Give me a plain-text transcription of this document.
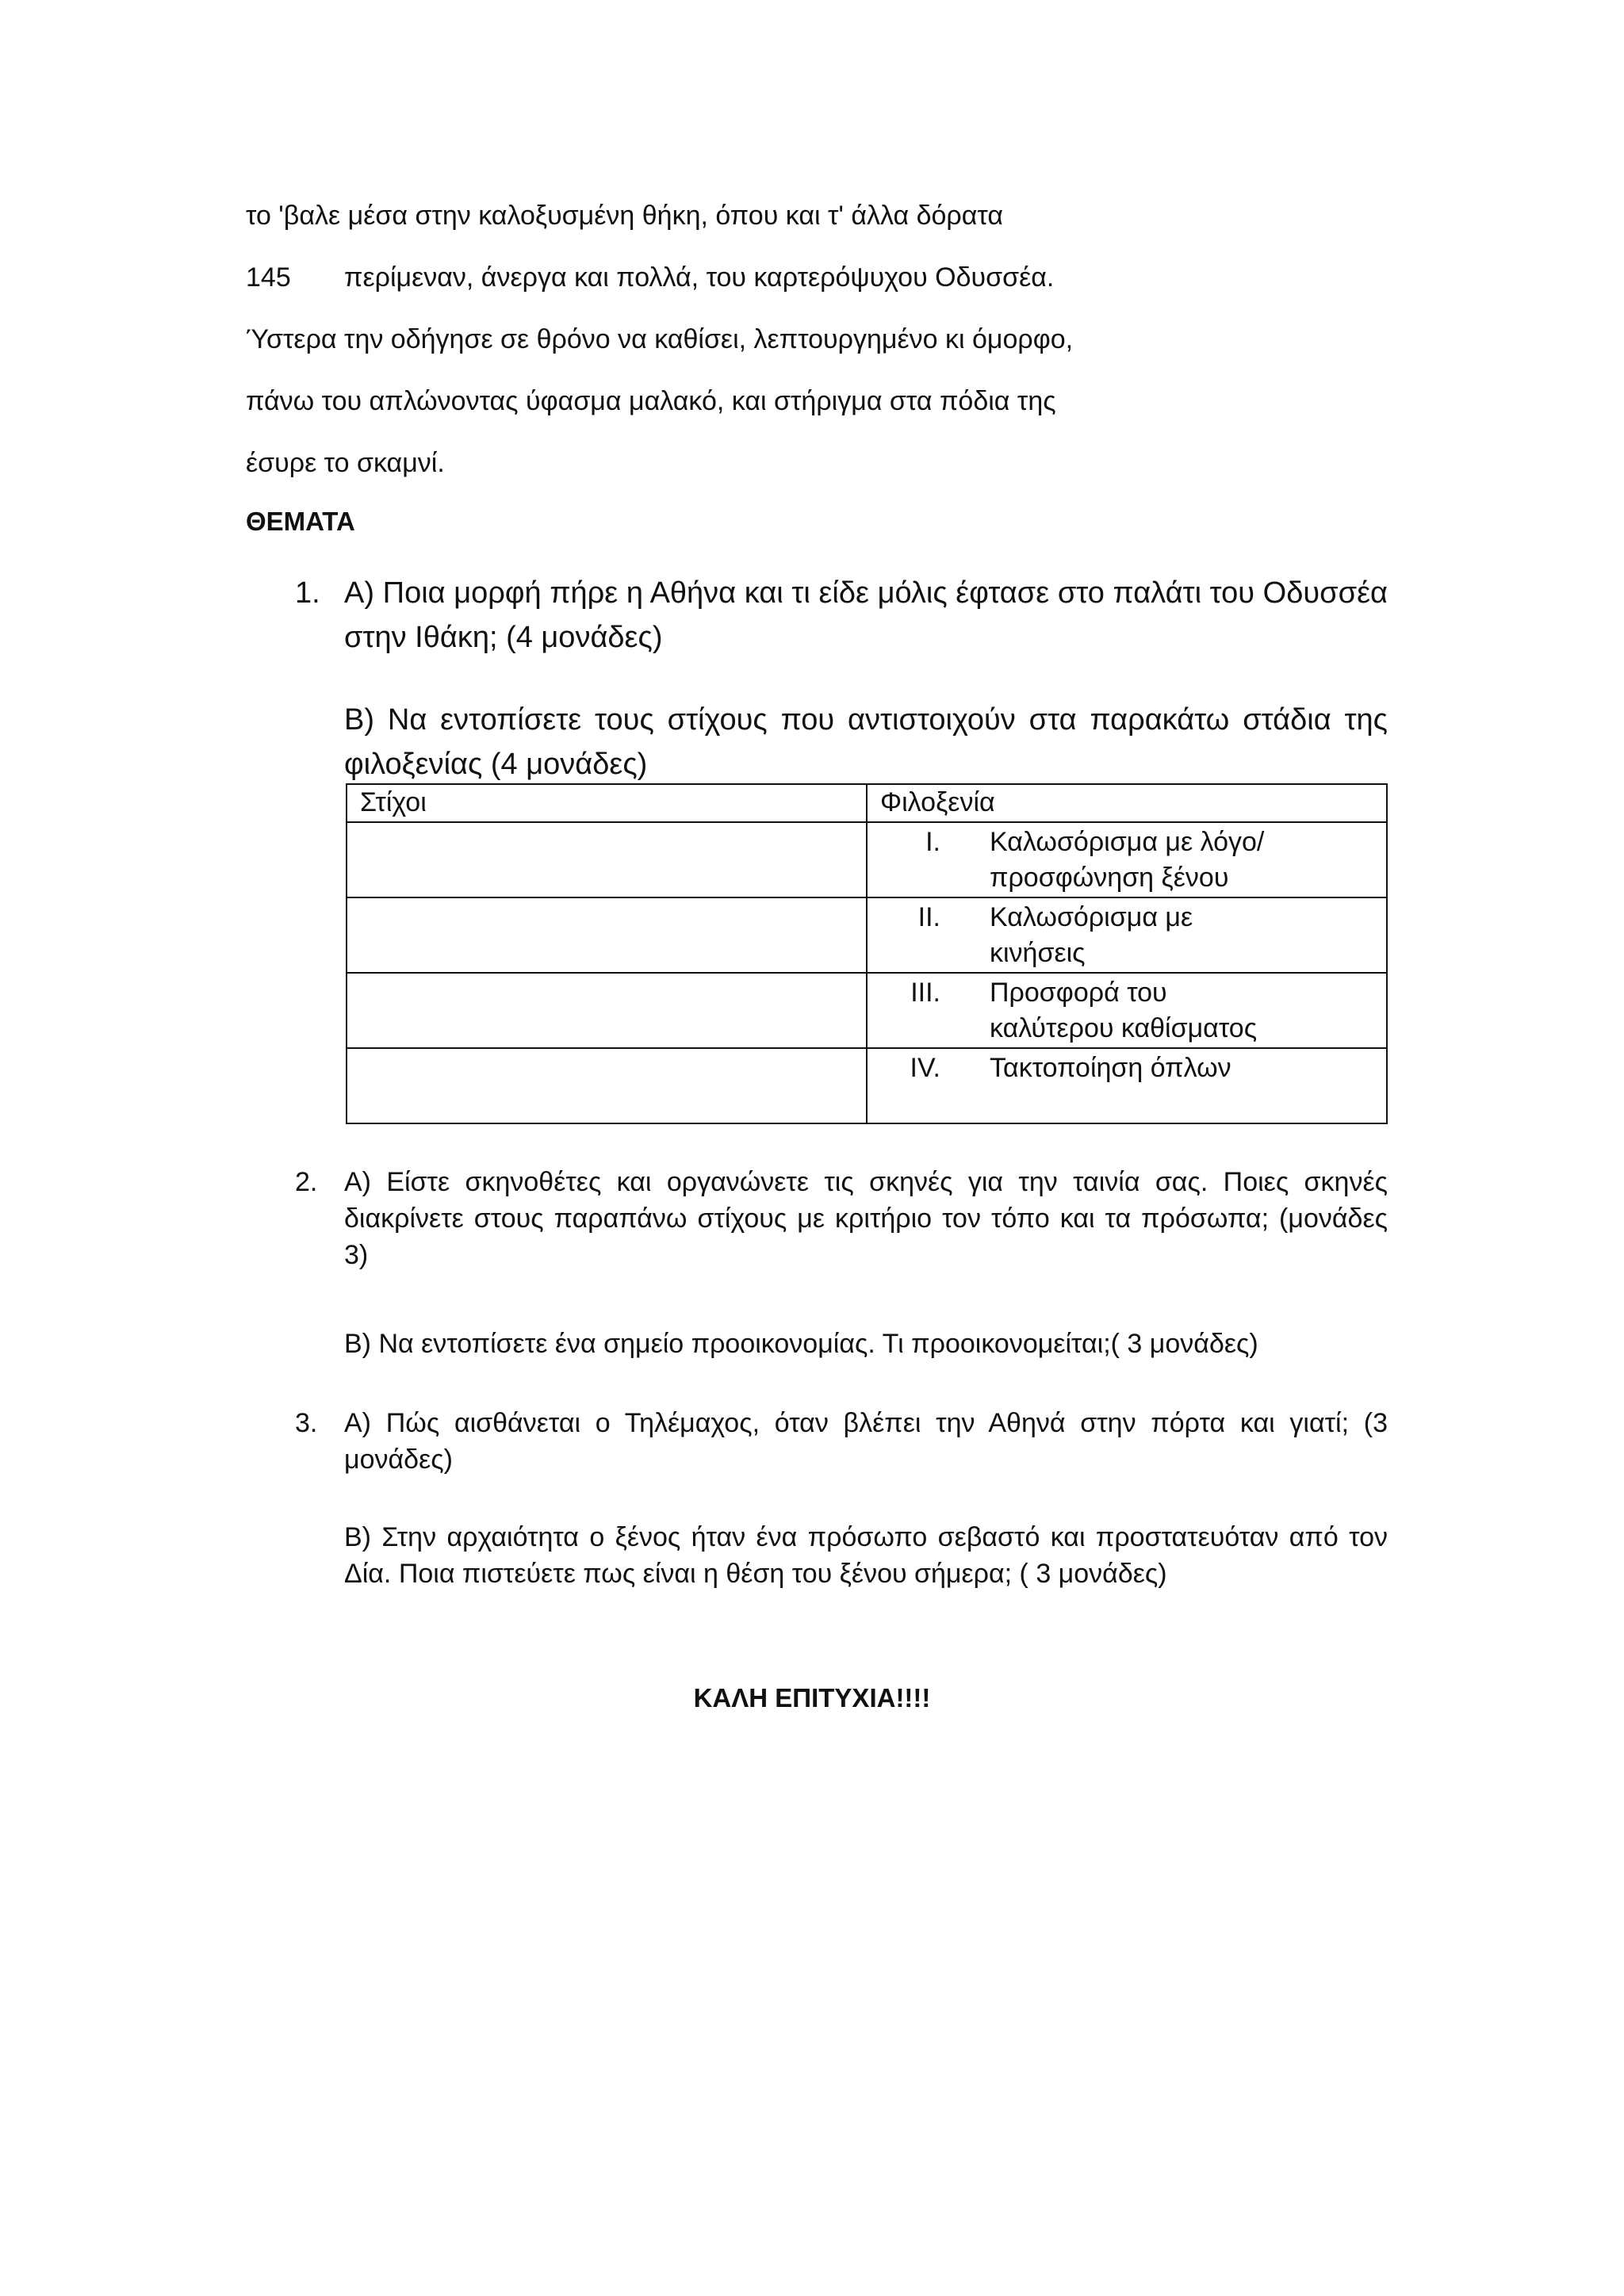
το 'βαλε μέσα στην καλοξυσμένη θήκη, όπου και τ' άλλα δόρατα
145 περίμεναν, άνεργα και πολλά, του καρτερόψυχου Οδυσσέα.
Ύστερα την οδήγησε σε θρόνο να καθίσει, λεπτουργημένο κι όμορφο,
πάνω του απλώνοντας ύφασμα μαλακό, και στήριγμα στα πόδια της
έσυρε το σκαμνί.
ΘΕΜΑΤΑ
1. Α) Ποια μορφή πήρε η Αθήνα και τι είδε μόλις έφτασε στο παλάτι του Οδυσσέα στην Ιθάκη; (4 μονάδες)
Β) Να εντοπίσετε τους στίχους που αντιστοιχούν στα παρακάτω στάδια της φιλοξενίας (4 μονάδες)
Στίχοι	Φιλοξενία

	I. Καλωσόρισμα με λόγο/ προσφώνηση ξένου

	II. Καλωσόρισμα με κινήσεις

	III. Προσφορά του καλύτερου καθίσματος

	IV. Τακτοποίηση όπλων
2. Α) Είστε σκηνοθέτες και οργανώνετε τις σκηνές για την ταινία σας. Ποιες σκηνές διακρίνετε στους παραπάνω στίχους με κριτήριο τον τόπο και τα πρόσωπα; (μονάδες 3)
Β) Να εντοπίσετε ένα σημείο προοικονομίας. Τι προοικονομείται;( 3 μονάδες)
3. Α) Πώς αισθάνεται ο Τηλέμαχος, όταν βλέπει την Αθηνά στην πόρτα και γιατί; (3 μονάδες)
Β) Στην αρχαιότητα ο ξένος ήταν ένα πρόσωπο σεβαστό και προστατευόταν από τον Δία. Ποια πιστεύετε πως είναι η θέση του ξένου σήμερα; ( 3 μονάδες)
ΚΑΛΗ ΕΠΙΤΥΧΙΑ!!!!
